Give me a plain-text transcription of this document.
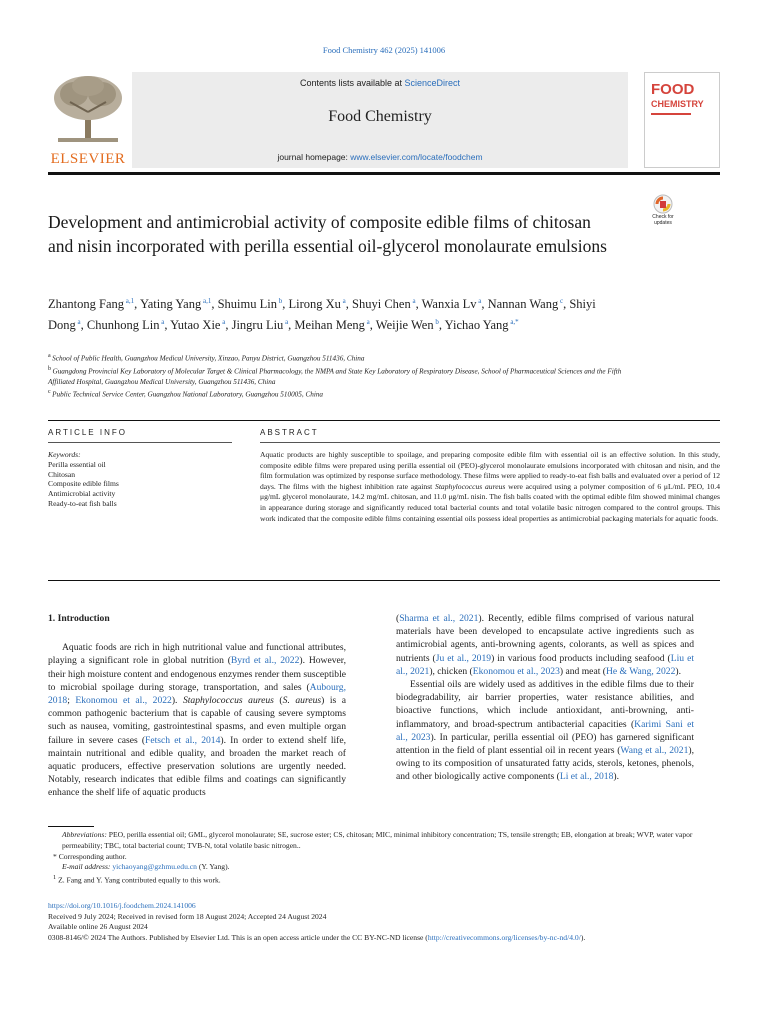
Food Chemistry 462 (2025) 141006
ELSEVIER
Contents lists available at ScienceDirect
Food Chemistry
journal homepage: www.elsevier.com/locate/foodchem
FOOD
CHEMISTRY
Check for updates
Development and antimicrobial activity of composite edible films of chitosan and nisin incorporated with perilla essential oil-glycerol monolaurate emulsions
Zhantong Fang $^{a,1}$, Yating Yang $^{a,1}$, Shuimu Lin $^b$, Lirong Xu $^a$, Shuyi Chen $^a$, Wanxia Lv $^a$, Nannan Wang $^c$, Shiyi Dong $^a$, Chunhong Lin $^a$, Yutao Xie $^a$, Jingru Liu $^a$, Meihan Meng $^a$, Weijie Wen $^b$, Yichao Yang $^{a,*}$
$^a$ School of Public Health, Guangzhou Medical University, Xinzao, Panyu District, Guangzhou 511436, China
$^b$ Guangdong Provincial Key Laboratory of Molecular Target & Clinical Pharmacology, the NMPA and State Key Laboratory of Respiratory Disease, School of Pharmaceutical Sciences and the Fifth Affiliated Hospital, Guangzhou Medical University, Guangzhou 511436, China
$^c$ Public Technical Service Center, Guangzhou National Laboratory, Guangzhou 510005, China
ARTICLE INFO	ABSTRACT
Keywords:
Perilla essential oil
Chitosan
Composite edible films
Antimicrobial activity
Ready-to-eat fish balls
Aquatic products are highly susceptible to spoilage, and preparing composite edible film with essential oil is an effective solution. In this study, composite edible films were prepared using perilla essential oil (PEO)-glycerol monolaurate emulsions incorporated with chitosan and nisin, and the film formulation was optimized by response surface methodology. These films were applied to ready-to-eat fish balls and evaluated over a period of 12 days. The films with the highest inhibition rate against Staphylococcus aureus were acquired using a polymer composition of 6 μL/mL PEO, 10.4 μg/mL glycerol monolaurate, 14.2 mg/mL chitosan, and 11.0 μg/mL nisin. The fish balls coated with the optimal edible film showed minimal changes in appearance during storage and significantly reduced total bacterial counts and total volatile basic nitrogen compared to the control groups. This work indicated that the composite edible films containing essential oils possess ideal properties as antimicrobial packaging materials for aquatic foods.
1. Introduction
Aquatic foods are rich in high nutritional value and functional attributes, playing a significant role in global nutrition (Byrd et al., 2022). However, their high moisture content and endogenous enzymes render them susceptible to microbial spoilage during storage, transportation, and sales (Aubourg, 2018; Ekonomou et al., 2022). Staphylococcus aureus (S. aureus) is a common pathogenic bacterium that is capable of causing severe symptoms such as nausea, vomiting, gastrointestinal spasms, and even multiple organ failure in severe cases (Fetsch et al., 2014). In order to extend shelf life, maintain nutritional and edible quality, and broaden the market reach of aquatic producers, effective preservation solutions are urgently needed. Notably, research indicates that edible films and coatings can significantly enhance the shelf life of aquatic products
(Sharma et al., 2021). Recently, edible films comprised of various natural materials have been developed to encapsulate active ingredients such as antimicrobial agents, anti-browning agents, colorants, as well as spices and nutrients (Ju et al., 2019) in various food products including seafood (Liu et al., 2021), chicken (Ekonomou et al., 2023) and meat (He & Wang, 2022).
Essential oils are widely used as additives in the edible films due to their biodegradability, air barrier properties, water resistance abilities, and bioactive functions, which include antioxidant, anti-browning, anti-inflammatory, and broad-spectrum antibacterial capacities (Karimi Sani et al., 2023). In particular, perilla essential oil (PEO) has garnered significant attention in the field of plant essential oil in recent years (Wang et al., 2021), owing to its composition of unsaturated fatty acids, sterols, ketones, phenols, and other biologically active components (Li et al., 2018).
Abbreviations: PEO, perilla essential oil; GML, glycerol monolaurate; SE, sucrose ester; CS, chitosan; MIC, minimal inhibitory concentration; TS, tensile strength; EB, elongation at break; WVP, water vapor permeability; TBC, total bacterial count; TVB-N, total volatile basic nitrogen..
* Corresponding author.
E-mail address: yichaoyang@gzhmu.edu.cn (Y. Yang).
$^1$ Z. Fang and Y. Yang contributed equally to this work.
https://doi.org/10.1016/j.foodchem.2024.141006
Received 9 July 2024; Received in revised form 18 August 2024; Accepted 24 August 2024
Available online 26 August 2024
0308-8146/© 2024 The Authors. Published by Elsevier Ltd. This is an open access article under the CC BY-NC-ND license (http://creativecommons.org/licenses/by-nc-nd/4.0/).
